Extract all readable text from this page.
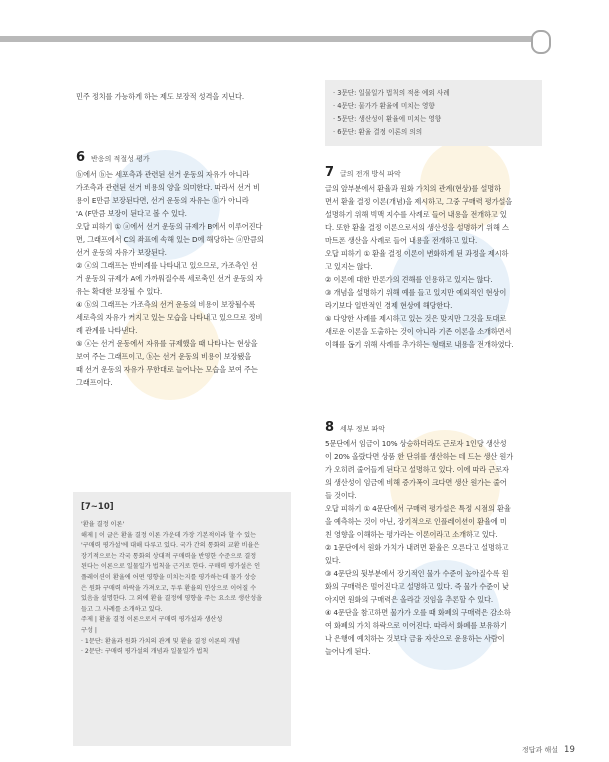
민주 정치를 가능하게 하는 제도 보장적 성격을 지닌다.
6 반응의 적절성 평가
ⓑ에서 ⓑ는 세포측과 관련된 선거 운동의 자유가 아니라
가조측과 관련된 선거 비용의 양을 의미한다. 따라서 선거 비
용이 E만큼 보장된다면, 선거 운동의 자유는 ⓑ가 아니라
'A (F만큼 보장이 된다고 볼 수 있다.
오답 피하기 ① ⓐ에서 선거 운동의 규제가 B에서 이루어진다
면, 그래프에서 C의 좌표에 속해 있는 D에 해당하는 ⓐ만큼의
선거 운동의 자유가 보장된다.
② ⓐ의 그래프는 반비례를 나타내고 있으므로, 가조측인 선
거 운동의 규제가 A에 가까워질수록 세로축인 선거 운동의 자
유는 확대한 보장될 수 있다.
④ ⓑ의 그래프는 가조측의 선거 운동의 비용이 보장될수록
세로측의 자유가 커지고 있는 모습을 나타내고 있으므로 정비
례 관계를 나타낸다.
⑤ ⓐ는 선거 운동에서 자유를 규제했을 때 나타나는 현상을
보여 주는 그래프이고, ⓑ는 선거 운동의 비용이 보장됐을
때 선거 운동의 자유가 무한대로 늘어나는 모습을 보여 주는
그래프이다.
[7~10]
'환율 결정 이론'
해제 | 이 글은 환율 결정 이론 가운데 가장 기본적이라 할 수 있는
'구매력 평가설'에 대해 다루고 있다. 국가 간의 통화의 교환 비율은
장기적으로는 각국 통화의 상대적 구매력을 반영한 수준으로 결정
된다는 이론으로 일물일가 법칙을 근거로 한다. 구매력 평가설은 인
플레이션이 환율에 어떤 영향을 미치는지를 평가하는데 물가 상승
은 원화 구매력 하락을 가져오고, 두루 환율의 인상으로 이어질 수
있음을 설명한다. 그 외에 환율 결정에 영향을 주는 요소로 생산성을
들고 그 사례를 소개하고 있다.
주제 | 환율 결정 이론으로서 구매력 평가설과 생산성
구성 |
· 1문단: 환율과 원화 가치의 관계 및 환율 결정 이론의 개념
· 2문단: 구매력 평가설의 개념과 일물일가 법칙
· 3문단: 일물일가 법칙의 적용 예외 사례
· 4문단: 물가가 환율에 미치는 영향
· 5문단: 생산성이 환율에 미치는 영향
· 6문단: 환율 결정 이론의 의의
7 글의 전개 방식 파악
글의 앞부분에서 환율과 원화 가치의 관계(현상)를 설명하
면서 환율 결정 이론(개념)을 제시하고, 그중 구매력 평가설을
설명하기 위해 빅맥 지수를 사례로 들어 내용을 전개하고 있
다. 또한 환율 결정 이론으로서의 생산성을 설명하기 위해 스
마트폰 생산을 사례로 들어 내용을 전개하고 있다.
오답 피하기 ① 환율 결정 이론이 변화하게 된 과정을 제시하
고 있지는 않다.
② 이론에 대한 반론가의 견해를 인용하고 있지는 않다.
③ 개념을 설명하기 위해 예를 들고 있지만 예외적인 현상이
라기보다 일반적인 경제 현상에 해당한다.
⑤ 다양한 사례를 제시하고 있는 것은 맞지만 그것을 토대로
새로운 이론을 도출하는 것이 아니라 기존 이론을 소개하면서
이해를 돕기 위해 사례를 추가하는 형태로 내용을 전개하였다.
8 세부 정보 파악
5문단에서 임금이 10% 상승하더라도 근로자 1인당 생산성
이 20% 올랐다면 상품 한 단위를 생산하는 데 드는 생산 원가
가 오히려 줄어들게 된다고 설명하고 있다. 이에 따라 근로자
의 생산성이 임금에 비해 증가폭이 크다면 생산 원가는 줄어
들 것이다.
오답 피하기 ① 4문단에서 구매력 평가설은 특정 시점의 환율
을 예측하는 것이 아닌, 장기적으로 인플레이션이 환율에 미
친 영향을 이해하는 평가라는 이론이라고 소개하고 있다.
② 1문단에서 원화 가치가 내려면 환율은 오른다고 설명하고
있다.
③ 4문단의 뒷부분에서 장기적인 물가 수준이 높아질수록 원
화의 구매력은 떨어진다고 설명하고 있다. 즉 물가 수준이 낮
아지면 원화의 구매력은 올라갈 것임을 추론할 수 있다.
④ 4문단을 참고하면 물가가 오를 때 화폐의 구매력은 감소하
여 화폐의 가치 하락으로 이어진다. 따라서 화폐를 보유하기
나 은행에 예치하는 것보다 금융 자산으로 운용하는 사람이
늘어나게 된다.
정답과 해설 19
